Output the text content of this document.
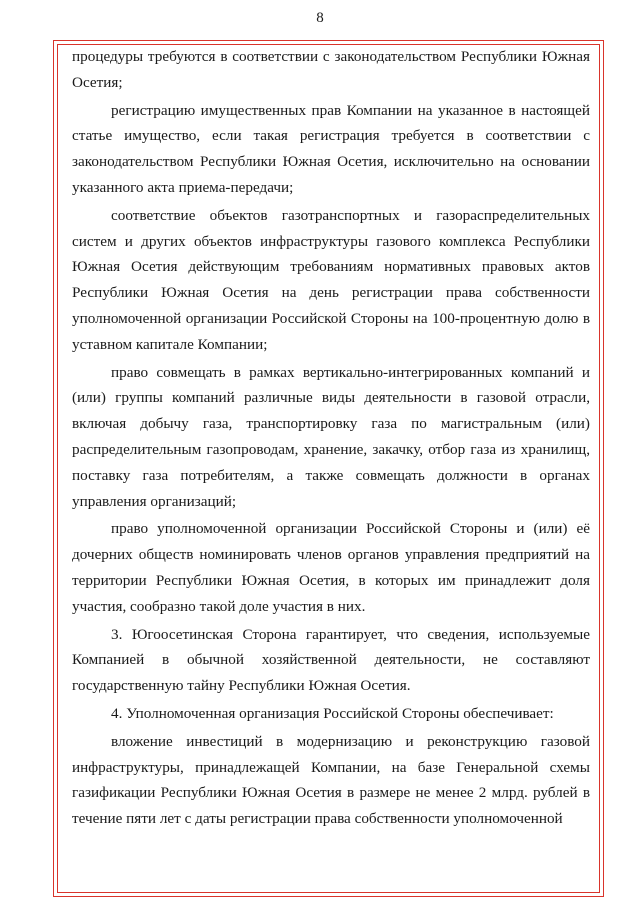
8

процедуры требуются в соответствии с законодательством Республики Южная Осетия;

регистрацию имущественных прав Компании на указанное в настоящей статье имущество, если такая регистрация требуется в соответствии с законодательством Республики Южная Осетия, исключительно на основании указанного акта приема-передачи;

соответствие объектов газотранспортных и газораспределительных систем и других объектов инфраструктуры газового комплекса Республики Южная Осетия действующим требованиям нормативных правовых актов Республики Южная Осетия на день регистрации права собственности уполномоченной организации Российской Стороны на 100-процентную долю в уставном капитале Компании;

право совмещать в рамках вертикально-интегрированных компаний и (или) группы компаний различные виды деятельности в газовой отрасли, включая добычу газа, транспортировку газа по магистральным (или) распределительным газопроводам, хранение, закачку, отбор газа из хранилищ, поставку газа потребителям, а также совмещать должности в органах управления организаций;

право уполномоченной организации Российской Стороны и (или) её дочерних обществ номинировать членов органов управления предприятий на территории Республики Южная Осетия, в которых им принадлежит доля участия, сообразно такой доле участия в них.

3. Югоосетинская Сторона гарантирует, что сведения, используемые Компанией в обычной хозяйственной деятельности, не составляют государственную тайну Республики Южная Осетия.

4. Уполномоченная организация Российской Стороны обеспечивает:

вложение инвестиций в модернизацию и реконструкцию газовой инфраструктуры, принадлежащей Компании, на базе Генеральной схемы газификации Республики Южная Осетия в размере не менее 2 млрд. рублей в течение пяти лет с даты регистрации права собственности уполномоченной
